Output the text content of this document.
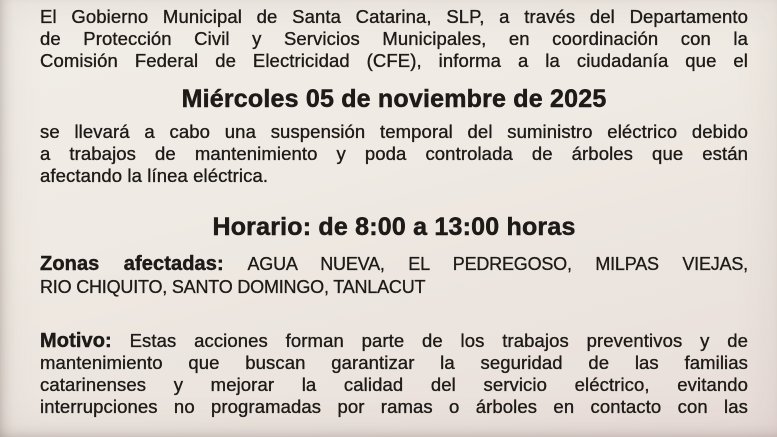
El Gobierno Municipal de Santa Catarina, SLP, a través del Departamento
de Protección Civil y Servicios Municipales, en coordinación con la
Comisión Federal de Electricidad (CFE), informa a la ciudadanía que el

Miércoles 05 de noviembre de 2025

se llevará a cabo una suspensión temporal del suministro eléctrico debido
a trabajos de mantenimiento y poda controlada de árboles que están
afectando la línea eléctrica.

Horario: de 8:00 a 13:00 horas

Zonas afectadas: AGUA NUEVA, EL PEDREGOSO, MILPAS VIEJAS,
RIO CHIQUITO, SANTO DOMINGO, TANLACUT

Motivo: Estas acciones forman parte de los trabajos preventivos y de
mantenimiento que buscan garantizar la seguridad de las familias
catarinenses y mejorar la calidad del servicio eléctrico, evitando
interrupciones no programadas por ramas o árboles en contacto con las
